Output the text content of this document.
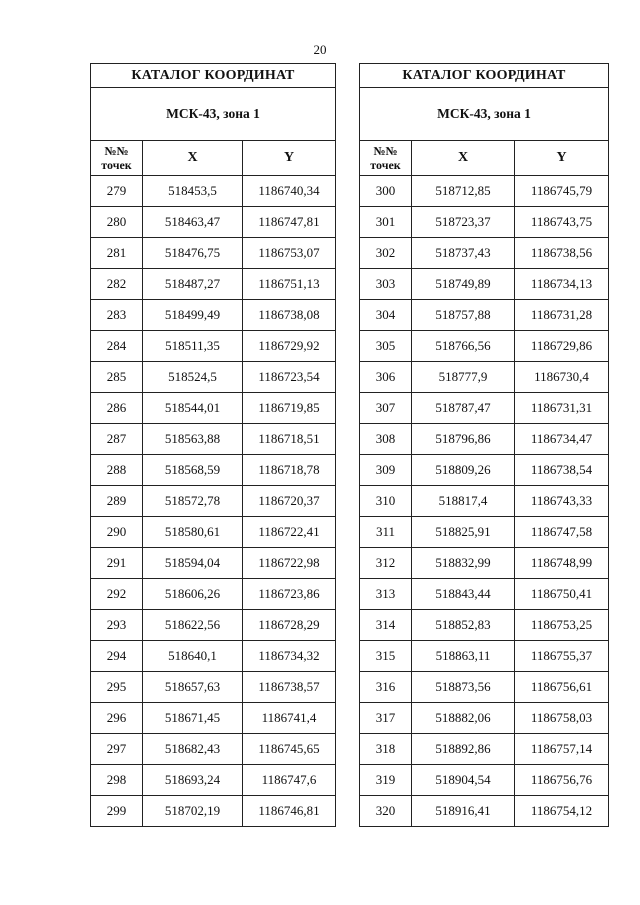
20
КАТАЛОГ КООРДИНАТ		
МСК-43, зона 1		
№№
точек	X	Y
279	518453,5	1186740,34
280	518463,47	1186747,81
281	518476,75	1186753,07
282	518487,27	1186751,13
283	518499,49	1186738,08
284	518511,35	1186729,92
285	518524,5	1186723,54
286	518544,01	1186719,85
287	518563,88	1186718,51
288	518568,59	1186718,78
289	518572,78	1186720,37
290	518580,61	1186722,41
291	518594,04	1186722,98
292	518606,26	1186723,86
293	518622,56	1186728,29
294	518640,1	1186734,32
295	518657,63	1186738,57
296	518671,45	1186741,4
297	518682,43	1186745,65
298	518693,24	1186747,6
299	518702,19	1186746,81
КАТАЛОГ КООРДИНАТ		
МСК-43, зона 1		
№№
точек	X	Y
300	518712,85	1186745,79
301	518723,37	1186743,75
302	518737,43	1186738,56
303	518749,89	1186734,13
304	518757,88	1186731,28
305	518766,56	1186729,86
306	518777,9	1186730,4
307	518787,47	1186731,31
308	518796,86	1186734,47
309	518809,26	1186738,54
310	518817,4	1186743,33
311	518825,91	1186747,58
312	518832,99	1186748,99
313	518843,44	1186750,41
314	518852,83	1186753,25
315	518863,11	1186755,37
316	518873,56	1186756,61
317	518882,06	1186758,03
318	518892,86	1186757,14
319	518904,54	1186756,76
320	518916,41	1186754,12
